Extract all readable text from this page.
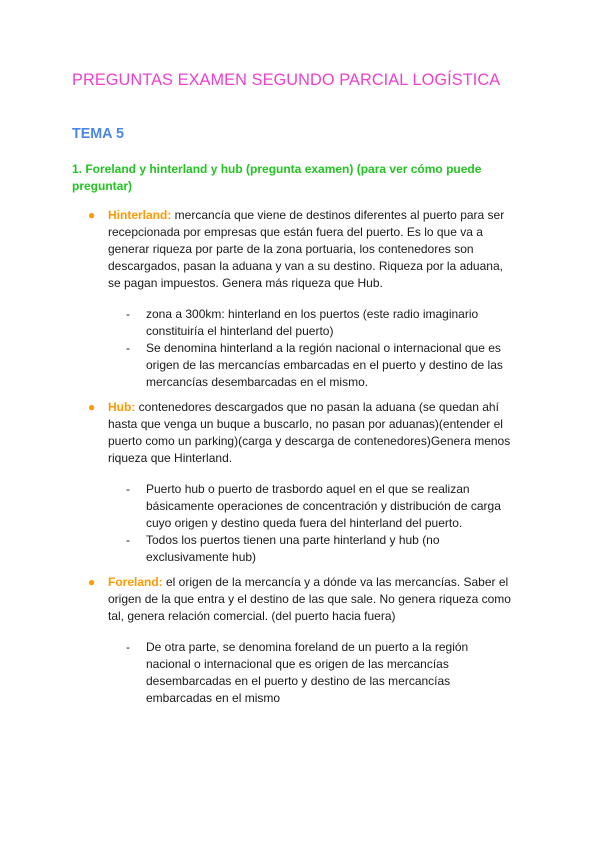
PREGUNTAS EXAMEN SEGUNDO PARCIAL LOGÍSTICA
TEMA 5
1. Foreland y hinterland y hub (pregunta examen) (para ver cómo puede preguntar)
● Hinterland: mercancía que viene de destinos diferentes al puerto para ser recepcionada por empresas que están fuera del puerto. Es lo que va a generar riqueza por parte de la zona portuaria, los contenedores son descargados, pasan la aduana y van a su destino. Riqueza por la aduana, se pagan impuestos. Genera más riqueza que Hub.
- zona a 300km: hinterland en los puertos (este radio imaginario constituiría el hinterland del puerto)
- Se denomina hinterland a la región nacional o internacional que es origen de las mercancías embarcadas en el puerto y destino de las mercancías desembarcadas en el mismo.
● Hub: contenedores descargados que no pasan la aduana (se quedan ahí hasta que venga un buque a buscarlo, no pasan por aduanas)(entender el puerto como un parking)(carga y descarga de contenedores)Genera menos riqueza que Hinterland.
- Puerto hub o puerto de trasbordo aquel en el que se realizan básicamente operaciones de concentración y distribución de carga cuyo origen y destino queda fuera del hinterland del puerto.
- Todos los puertos tienen una parte hinterland y hub (no exclusivamente hub)
● Foreland: el origen de la mercancía y a dónde va las mercancías. Saber el origen de la que entra y el destino de las que sale. No genera riqueza como tal, genera relación comercial. (del puerto hacia fuera)
- De otra parte, se denomina foreland de un puerto a la región nacional o internacional que es origen de las mercancías desembarcadas en el puerto y destino de las mercancías embarcadas en el mismo
